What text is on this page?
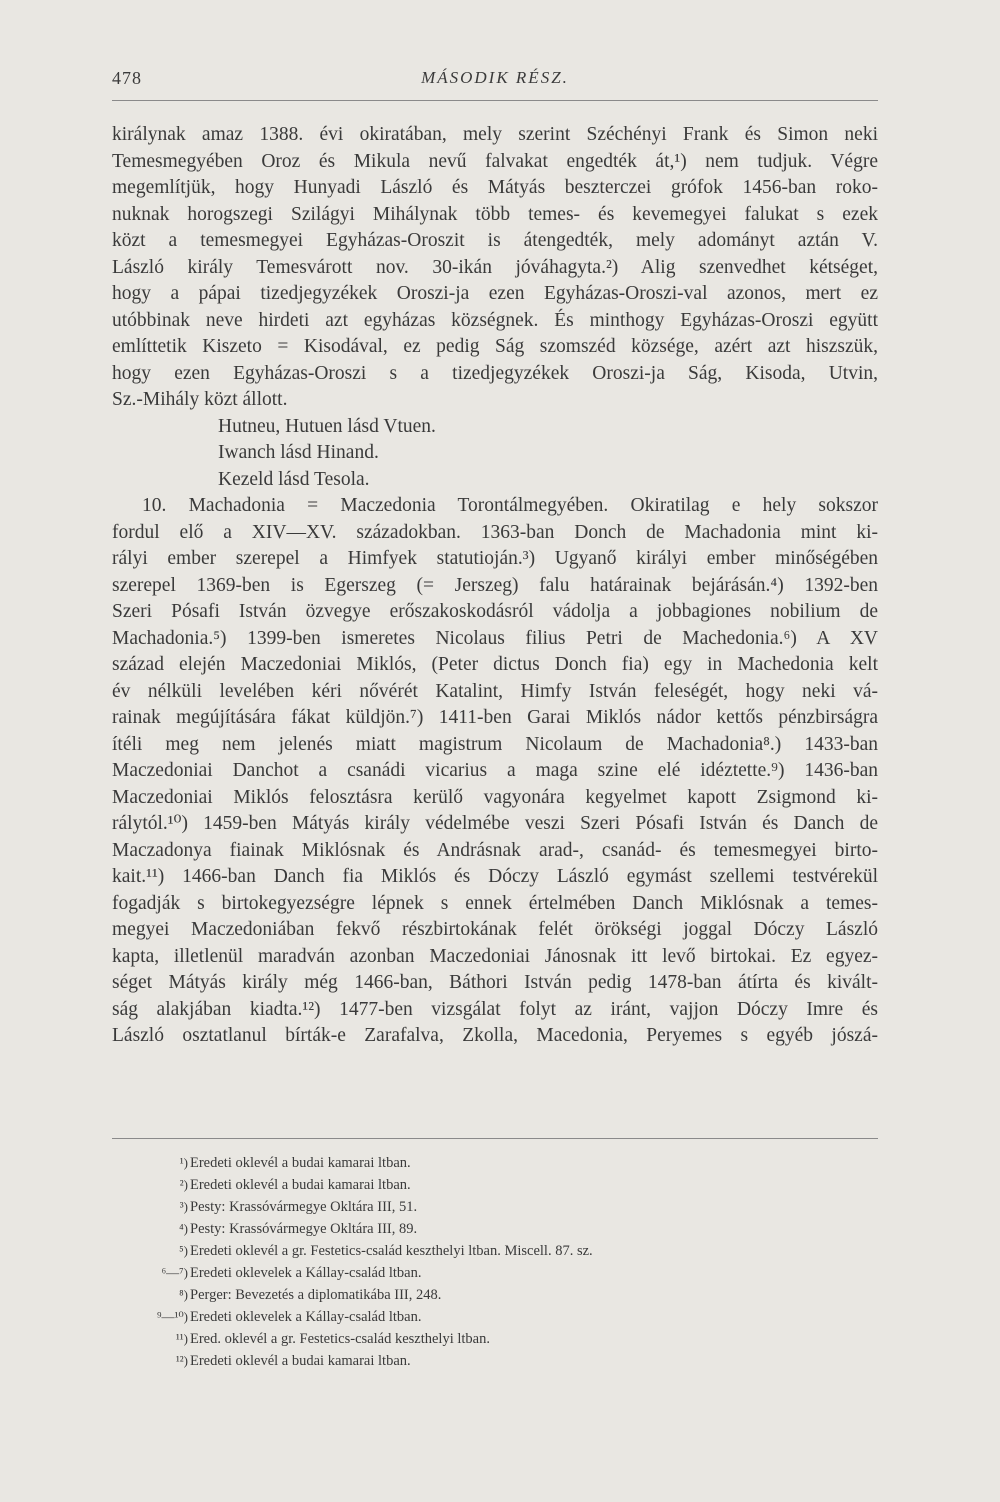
478	MÁSODIK RÉSZ.
királynak amaz 1388. évi okiratában, mely szerint Széchényi Frank és Simon neki
Temesmegyében Oroz és Mikula nevű falvakat engedték át,¹) nem tudjuk. Végre
megemlítjük, hogy Hunyadi László és Mátyás beszterczei grófok 1456-ban roko-
nuknak horogszegi Szilágyi Mihálynak több temes- és kevemegyei falukat s ezek
közt a temesmegyei Egyházas-Oroszit is átengedték, mely adományt aztán V.
László király Temesvárott nov. 30-ikán jóváhagyta.²) Alig szenvedhet kétséget,
hogy a pápai tizedjegyzékek Oroszi-ja ezen Egyházas-Oroszi-val azonos, mert ez
utóbbinak neve hirdeti azt egyházas községnek. És minthogy Egyházas-Oroszi együtt
említtetik Kiszeto = Kisodával, ez pedig Ság szomszéd községe, azért azt hiszszük,
hogy ezen Egyházas-Oroszi s a tizedjegyzékek Oroszi-ja Ság, Kisoda, Utvin,
Sz.-Mihály közt állott.
Hutneu, Hutuen lásd Vtuen.
Iwanch lásd Hinand.
Kezeld lásd Tesola.
10. Machadonia = Maczedonia Torontálmegyében. Okiratilag e hely sokszor
fordul elő a XIV—XV. századokban. 1363-ban Donch de Machadonia mint ki-
rályi ember szerepel a Himfyek statutioján.³) Ugyanő királyi ember minőségében
szerepel 1369-ben is Egerszeg (= Jerszeg) falu határainak bejárásán.⁴) 1392-ben
Szeri Pósafi István özvegye erőszakoskodásról vádolja a jobbagiones nobilium de
Machadonia.⁵) 1399-ben ismeretes Nicolaus filius Petri de Machedonia.⁶) A XV
század elején Maczedoniai Miklós, (Peter dictus Donch fia) egy in Machedonia kelt
év nélküli levelében kéri nővérét Katalint, Himfy István feleségét, hogy neki vá-
rainak megújítására fákat küldjön.⁷) 1411-ben Garai Miklós nádor kettős pénzbirságra
ítéli meg nem jelenés miatt magistrum Nicolaum de Machadonia⁸.) 1433-ban
Maczedoniai Danchot a csanádi vicarius a maga szine elé idéztette.⁹) 1436-ban
Maczedoniai Miklós felosztásra kerülő vagyonára kegyelmet kapott Zsigmond ki-
rálytól.¹⁰) 1459-ben Mátyás király védelmébe veszi Szeri Pósafi István és Danch de
Maczadonya fiainak Miklósnak és Andrásnak arad-, csanád- és temesmegyei birto-
kait.¹¹) 1466-ban Danch fia Miklós és Dóczy László egymást szellemi testvérekül
fogadják s birtokegyezségre lépnek s ennek értelmében Danch Miklósnak a temes-
megyei Maczedoniában fekvő részbirtokának felét örökségi joggal Dóczy László
kapta, illetlenül maradván azonban Maczedoniai Jánosnak itt levő birtokai. Ez egyez-
séget Mátyás király még 1466-ban, Báthori István pedig 1478-ban átírta és kivált-
ság alakjában kiadta.¹²) 1477-ben vizsgálat folyt az iránt, vajjon Dóczy Imre és
László osztatlanul bírták-e Zarafalva, Zkolla, Macedonia, Peryemes s egyéb jószá-
¹) Eredeti oklevél a budai kamarai ltban.
²) Eredeti oklevél a budai kamarai ltban.
³) Pesty: Krassóvármegye Okltára III, 51.
⁴) Pesty: Krassóvármegye Okltára III, 89.
⁵) Eredeti oklevél a gr. Festetics-család keszthelyi ltban. Miscell. 87. sz.
⁶—⁷) Eredeti oklevelek a Kállay-család ltban.
⁸) Perger: Bevezetés a diplomatikába III, 248.
⁹—¹⁰) Eredeti oklevelek a Kállay-család ltban.
¹¹) Ered. oklevél a gr. Festetics-család keszthelyi ltban.
¹²) Eredeti oklevél a budai kamarai ltban.
